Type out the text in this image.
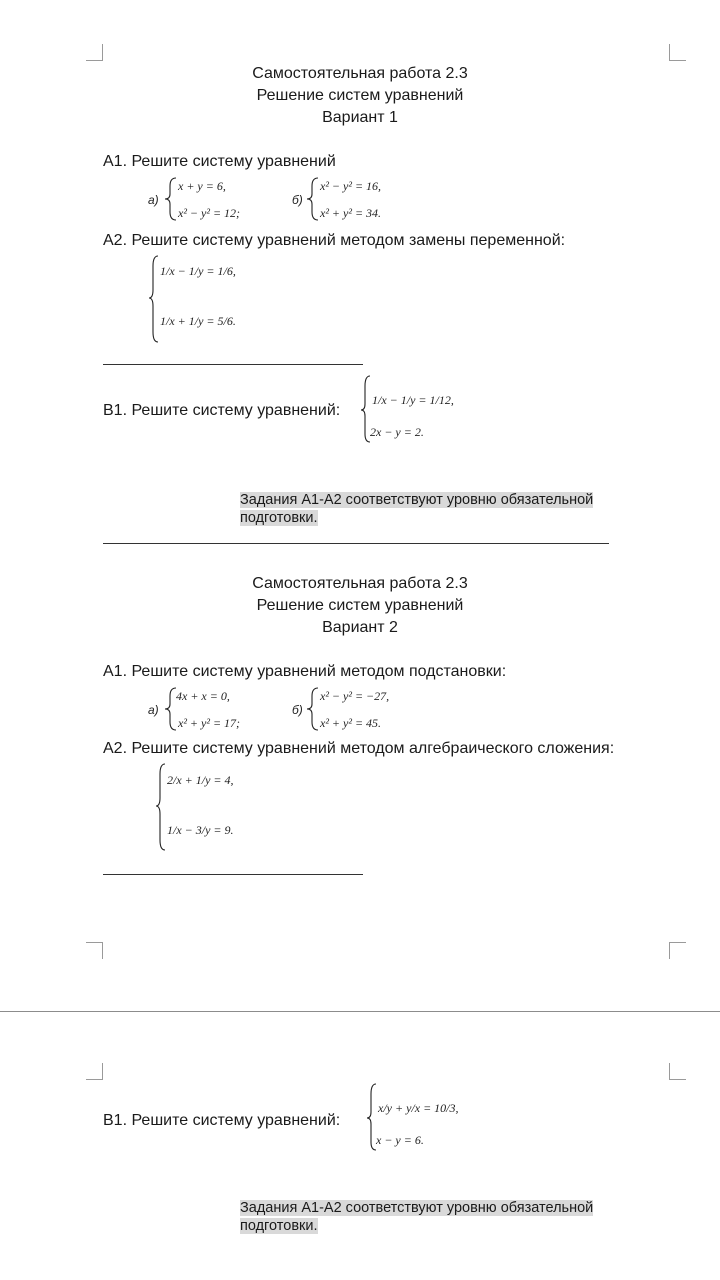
Самостоятельная работа 2.3
Решение систем уравнений
Вариант 1
А1. Решите систему уравнений
а)
x + y = 6,
x² − y² = 12;
б)
x² − y² = 16,
x² + y² = 34.
А2. Решите систему уравнений методом замены переменной:
1/x − 1/y = 1/6,
1/x + 1/y = 5/6.
В1. Решите систему уравнений:
1/x − 1/y = 1/12,
2x − y = 2.
Задания А1-А2 соответствуют уровню обязательной подготовки.
Самостоятельная работа 2.3
Решение систем уравнений
Вариант 2
А1. Решите систему уравнений методом подстановки:
а)
4x + x = 0,
x² + y² = 17;
б)
x² − y² = −27,
x² + y² = 45.
А2. Решите систему уравнений методом алгебраического сложения:
2/x + 1/y = 4,
1/x − 3/y = 9.
В1. Решите систему уравнений:
x/y + y/x = 10/3,
x − y = 6.
Задания А1-А2 соответствуют уровню обязательной подготовки.
